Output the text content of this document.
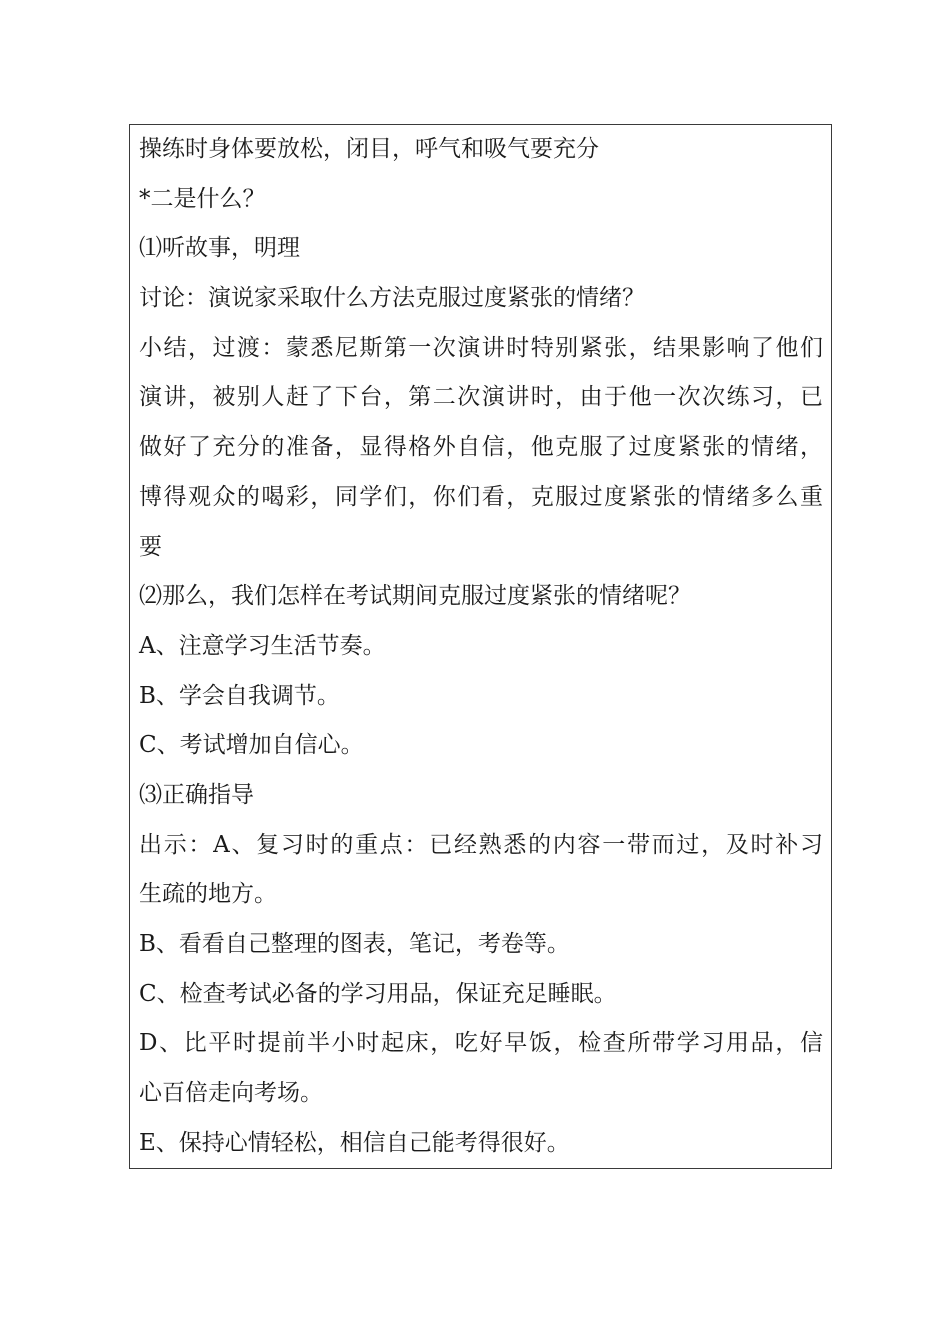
操练时身体要放松，闭目，呼气和吸气要充分
*二是什么？
⑴听故事，明理
讨论：演说家采取什么方法克服过度紧张的情绪？
小结，过渡：蒙悉尼斯第一次演讲时特别紧张，结果影响了他们
演讲，被别人赶了下台，第二次演讲时，由于他一次次练习，已
做好了充分的准备，显得格外自信，他克服了过度紧张的情绪，
博得观众的喝彩，同学们，你们看，克服过度紧张的情绪多么重
要
⑵那么，我们怎样在考试期间克服过度紧张的情绪呢？
A、注意学习生活节奏。
B、学会自我调节。
C、考试增加自信心。
⑶正确指导
出示：A、复习时的重点：已经熟悉的内容一带而过，及时补习
生疏的地方。
B、看看自己整理的图表，笔记，考卷等。
C、检查考试必备的学习用品，保证充足睡眠。
D、比平时提前半小时起床，吃好早饭，检查所带学习用品，信
心百倍走向考场。
E、保持心情轻松，相信自己能考得很好。
